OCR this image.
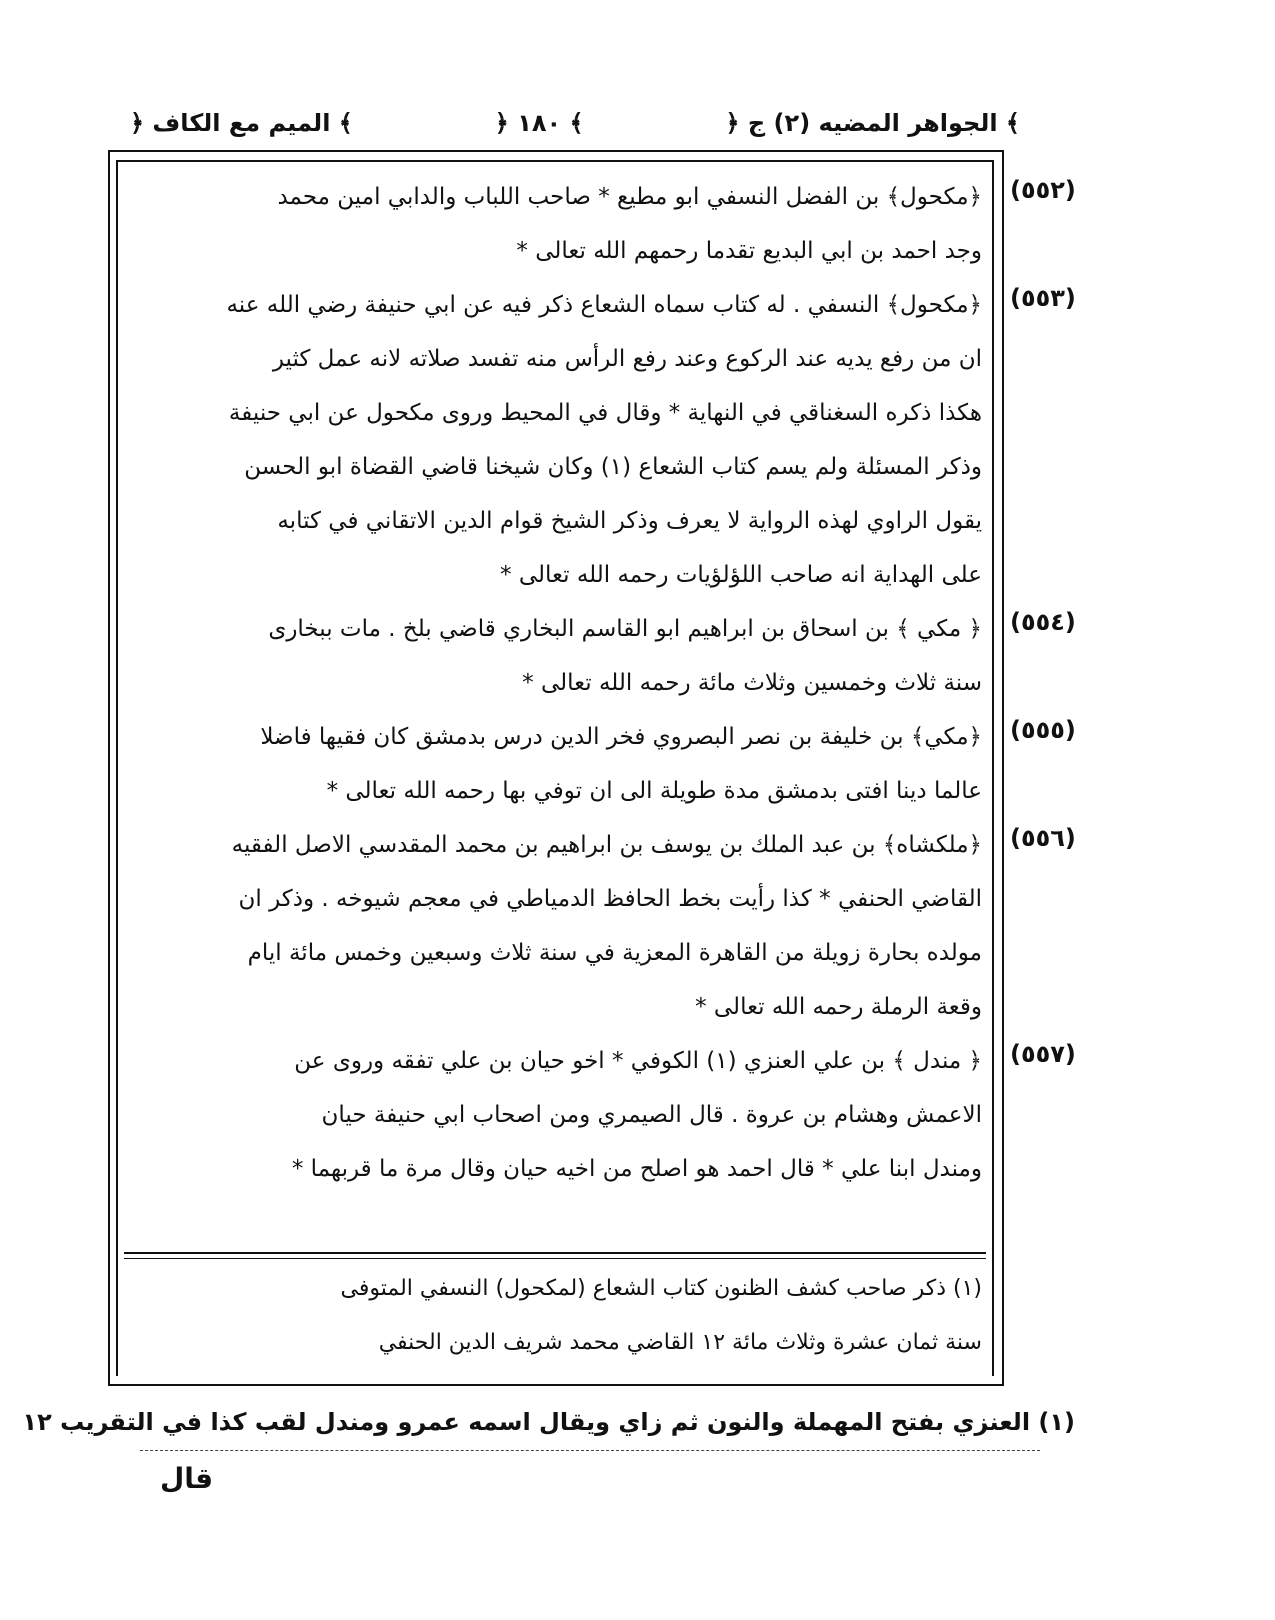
﴿ الجواهر المضيه (٢) ج ﴾
﴿ ١٨٠ ﴾
﴿ الميم مع الكاف ﴾
(٥٥٢)
(٥٥٣)
(٥٥٤)
(٥٥٥)
(٥٥٦)
(٥٥٧)
﴿مكحول﴾ بن الفضل النسفي ابو مطيع * صاحب اللباب والدابي امين محمد
وجد احمد بن ابي البديع تقدما رحمهم الله تعالى *
﴿مكحول﴾ النسفي . له كتاب سماه الشعاع ذكر فيه عن ابي حنيفة رضي الله عنه
ان من رفع يديه عند الركوع وعند رفع الرأس منه تفسد صلاته لانه عمل كثير
هكذا ذكره السغناقي في النهاية * وقال في المحيط وروى مكحول عن ابي حنيفة
وذكر المسئلة ولم يسم كتاب الشعاع (١) وكان شيخنا قاضي القضاة ابو الحسن
يقول الراوي لهذه الرواية لا يعرف وذكر الشيخ قوام الدين الاتقاني في كتابه
على الهداية انه صاحب اللؤلؤيات رحمه الله تعالى *
﴿ مكي ﴾ بن اسحاق بن ابراهيم ابو القاسم البخاري قاضي بلخ . مات ببخارى
سنة ثلاث وخمسين وثلاث مائة رحمه الله تعالى *
﴿مكي﴾ بن خليفة بن نصر البصروي فخر الدين درس بدمشق كان فقيها فاضلا
عالما دينا افتى بدمشق مدة طويلة الى ان توفي بها رحمه الله تعالى *
﴿ملكشاه﴾ بن عبد الملك بن يوسف بن ابراهيم بن محمد المقدسي الاصل الفقيه
القاضي الحنفي * كذا رأيت بخط الحافظ الدمياطي في معجم شيوخه . وذكر ان
مولده بحارة زويلة من القاهرة المعزية في سنة ثلاث وسبعين وخمس مائة ايام
وقعة الرملة رحمه الله تعالى *
﴿ مندل ﴾ بن علي العنزي (١) الكوفي * اخو حيان بن علي تفقه وروى عن
الاعمش وهشام بن عروة . قال الصيمري ومن اصحاب ابي حنيفة حيان
ومندل ابنا علي * قال احمد هو اصلح من اخيه حيان وقال مرة ما قربهما *
(١) ذكر صاحب كشف الظنون كتاب الشعاع (لمكحول) النسفي المتوفى
سنة ثمان عشرة وثلاث مائة ١٢ القاضي محمد شريف الدين الحنفي
(١) العنزي بفتح المهملة والنون ثم زاي ويقال اسمه عمرو ومندل لقب كذا في التقريب ١٢
قال
